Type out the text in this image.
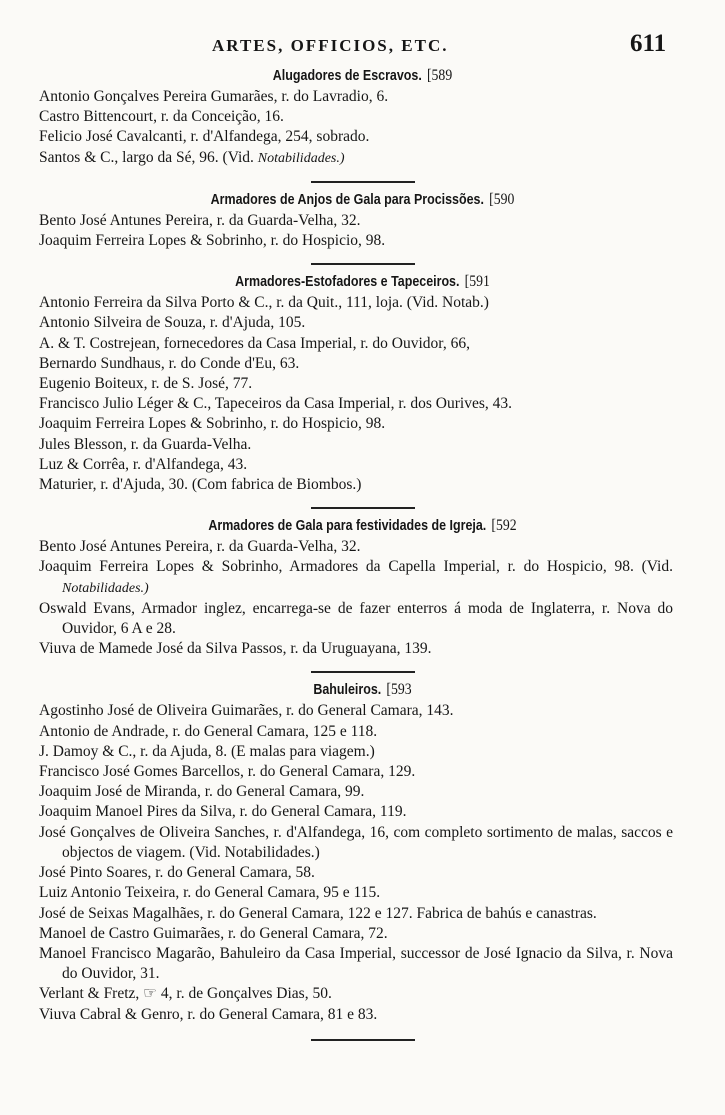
ARTES, OFFICIOS, ETC.	611
Alugadores de Escravos. [589
Antonio Gonçalves Pereira Gumarães, r. do Lavradio, 6.
Castro Bittencourt, r. da Conceição, 16.
Felicio José Cavalcanti, r. d'Alfandega, 254, sobrado.
Santos & C., largo da Sé, 96. (Vid. Notabilidades.)
Armadores de Anjos de Gala para Procissões. [590
Bento José Antunes Pereira, r. da Guarda-Velha, 32.
Joaquim Ferreira Lopes & Sobrinho, r. do Hospicio, 98.
Armadores-Estofadores e Tapeceiros. [591
Antonio Ferreira da Silva Porto & C., r. da Quit., 111, loja. (Vid. Notab.)
Antonio Silveira de Souza, r. d'Ajuda, 105.
A. & T. Costrejean, fornecedores da Casa Imperial, r. do Ouvidor, 66,
Bernardo Sundhaus, r. do Conde d'Eu, 63.
Eugenio Boiteux, r. de S. José, 77.
Francisco Julio Léger & C., Tapeceiros da Casa Imperial, r. dos Ourives, 43.
Joaquim Ferreira Lopes & Sobrinho, r. do Hospicio, 98.
Jules Blesson, r. da Guarda-Velha.
Luz & Corrêa, r. d'Alfandega, 43.
Maturier, r. d'Ajuda, 30. (Com fabrica de Biombos.)
Armadores de Gala para festividades de Igreja. [592
Bento José Antunes Pereira, r. da Guarda-Velha, 32.
Joaquim Ferreira Lopes & Sobrinho, Armadores da Capella Imperial, r. do Hospicio, 98. (Vid. Notabilidades.)
Oswald Evans, Armador inglez, encarrega-se de fazer enterros á moda de Inglaterra, r. Nova do Ouvidor, 6 A e 28.
Viuva de Mamede José da Silva Passos, r. da Uruguayana, 139.
Bahuleiros. [593
Agostinho José de Oliveira Guimarães, r. do General Camara, 143.
Antonio de Andrade, r. do General Camara, 125 e 118.
J. Damoy & C., r. da Ajuda, 8. (E malas para viagem.)
Francisco José Gomes Barcellos, r. do General Camara, 129.
Joaquim José de Miranda, r. do General Camara, 99.
Joaquim Manoel Pires da Silva, r. do General Camara, 119.
José Gonçalves de Oliveira Sanches, r. d'Alfandega, 16, com completo sortimento de malas, saccos e objectos de viagem. (Vid. Notabilidades.)
José Pinto Soares, r. do General Camara, 58.
Luiz Antonio Teixeira, r. do General Camara, 95 e 115.
José de Seixas Magalhães, r. do General Camara, 122 e 127. Fabrica de bahús e canastras.
Manoel de Castro Guimarães, r. do General Camara, 72.
Manoel Francisco Magarão, Bahuleiro da Casa Imperial, successor de José Ignacio da Silva, r. Nova do Ouvidor, 31.
Verlant & Fretz, ☞ 4, r. de Gonçalves Dias, 50.
Viuva Cabral & Genro, r. do General Camara, 81 e 83.
